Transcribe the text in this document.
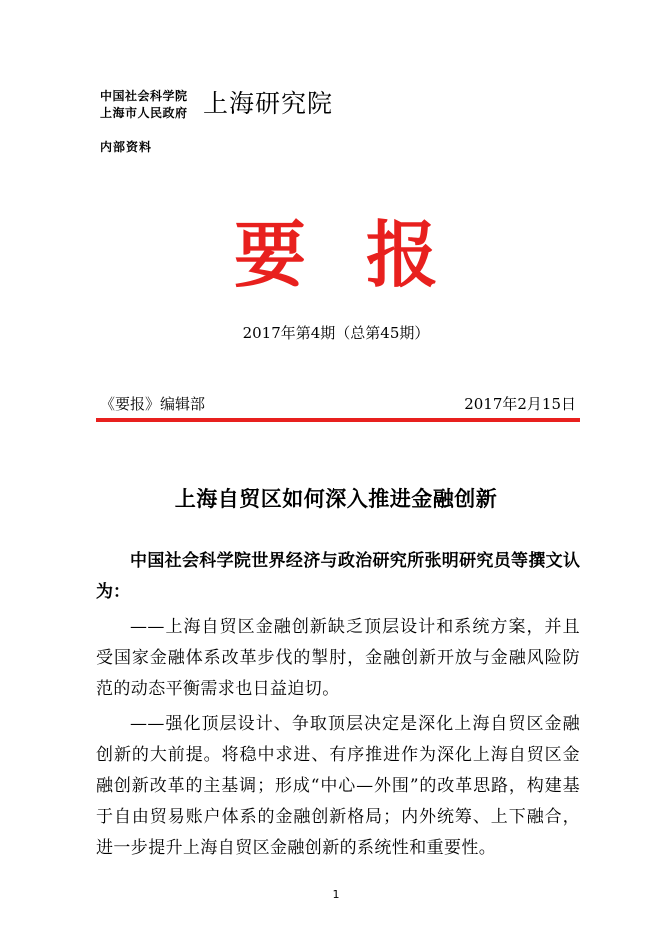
中国社会科学院
上海市人民政府 上海研究院
内部资料
要报
2017年第4期（总第45期）
《要报》编辑部	2017年2月15日
上海自贸区如何深入推进金融创新
中国社会科学院世界经济与政治研究所张明研究员等撰文认为：
——上海自贸区金融创新缺乏顶层设计和系统方案，并且受国家金融体系改革步伐的掣肘，金融创新开放与金融风险防范的动态平衡需求也日益迫切。
——强化顶层设计、争取顶层决定是深化上海自贸区金融创新的大前提。将稳中求进、有序推进作为深化上海自贸区金融创新改革的主基调；形成“中心—外围”的改革思路，构建基于自由贸易账户体系的金融创新格局；内外统筹、上下融合，进一步提升上海自贸区金融创新的系统性和重要性。
1
